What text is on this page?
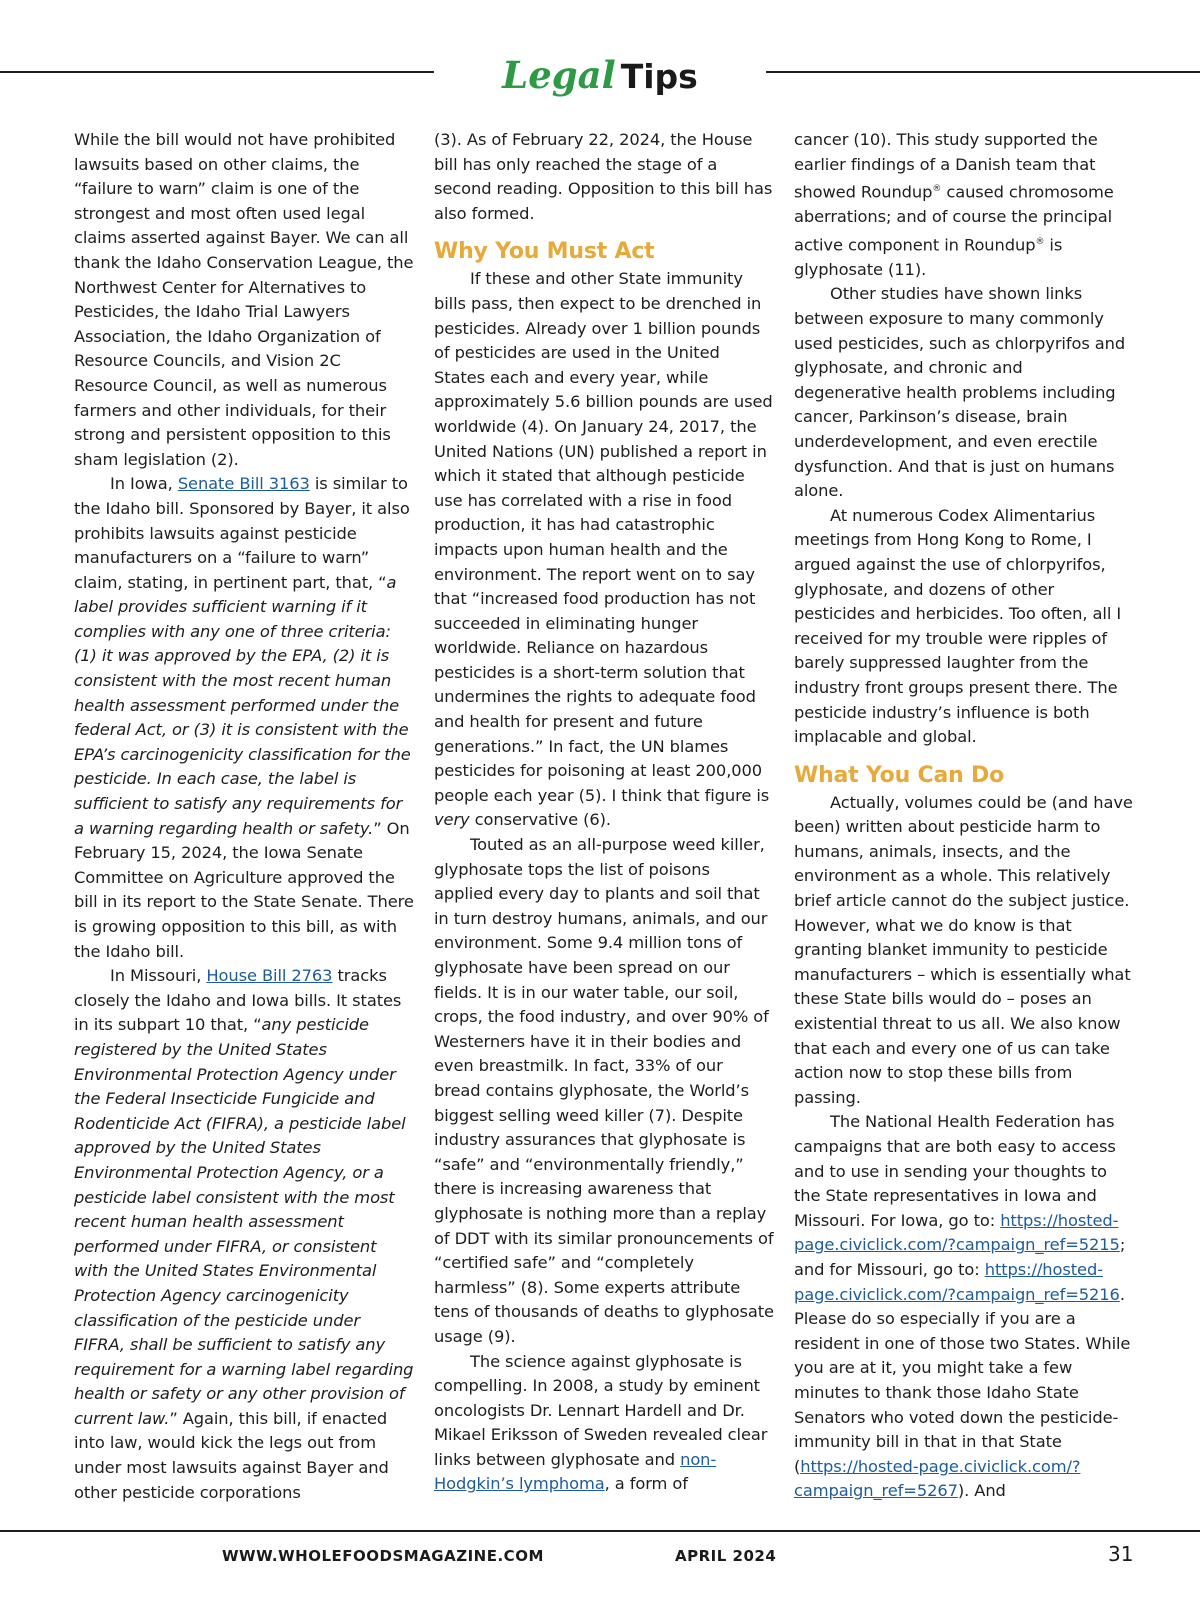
Legal Tips

While the bill would not have prohibited lawsuits based on other claims, the “failure to warn” claim is one of the strongest and most often used legal claims asserted against Bayer. We can all thank the Idaho Conservation League, the Northwest Center for Alternatives to Pesticides, the Idaho Trial Lawyers Association, the Idaho Organization of Resource Councils, and Vision 2C Resource Council, as well as numerous farmers and other individuals, for their strong and persistent opposition to this sham legislation (2).

In Iowa, Senate Bill 3163 is similar to the Idaho bill. Sponsored by Bayer, it also prohibits lawsuits against pesticide manufacturers on a “failure to warn” claim, stating, in pertinent part, that, “a label provides sufficient warning if it complies with any one of three criteria: (1) it was approved by the EPA, (2) it is consistent with the most recent human health assessment performed under the federal Act, or (3) it is consistent with the EPA’s carcinogenicity classification for the pesticide. In each case, the label is sufficient to satisfy any requirements for a warning regarding health or safety.” On February 15, 2024, the Iowa Senate Committee on Agriculture approved the bill in its report to the State Senate. There is growing opposition to this bill, as with the Idaho bill.

In Missouri, House Bill 2763 tracks closely the Idaho and Iowa bills. It states in its subpart 10 that, “any pesticide registered by the United States Environmental Protection Agency under the Federal Insecticide Fungicide and Rodenticide Act (FIFRA), a pesticide label approved by the United States Environmental Protection Agency, or a pesticide label consistent with the most recent human health assessment performed under FIFRA, or consistent with the United States Environmental Protection Agency carcinogenicity classification of the pesticide under FIFRA, shall be sufficient to satisfy any requirement for a warning label regarding health or safety or any other provision of current law.” Again, this bill, if enacted into law, would kick the legs out from under most lawsuits against Bayer and other pesticide corporations

(3). As of February 22, 2024, the House bill has only reached the stage of a second reading. Opposition to this bill has also formed.

Why You Must Act

If these and other State immunity bills pass, then expect to be drenched in pesticides. Already over 1 billion pounds of pesticides are used in the United States each and every year, while approximately 5.6 billion pounds are used worldwide (4). On January 24, 2017, the United Nations (UN) published a report in which it stated that although pesticide use has correlated with a rise in food production, it has had catastrophic impacts upon human health and the environment. The report went on to say that “increased food production has not succeeded in eliminating hunger worldwide. Reliance on hazardous pesticides is a short-term solution that undermines the rights to adequate food and health for present and future generations.” In fact, the UN blames pesticides for poisoning at least 200,000 people each year (5). I think that figure is very conservative (6).

Touted as an all-purpose weed killer, glyphosate tops the list of poisons applied every day to plants and soil that in turn destroy humans, animals, and our environment. Some 9.4 million tons of glyphosate have been spread on our fields. It is in our water table, our soil, crops, the food industry, and over 90% of Westerners have it in their bodies and even breastmilk. In fact, 33% of our bread contains glyphosate, the World’s biggest selling weed killer (7). Despite industry assurances that glyphosate is “safe” and “environmentally friendly,” there is increasing awareness that glyphosate is nothing more than a replay of DDT with its similar pronouncements of “certified safe” and “completely harmless” (8). Some experts attribute tens of thousands of deaths to glyphosate usage (9).

The science against glyphosate is compelling. In 2008, a study by eminent oncologists Dr. Lennart Hardell and Dr. Mikael Eriksson of Sweden revealed clear links between glyphosate and non-Hodgkin’s lymphoma, a form of

cancer (10). This study supported the earlier findings of a Danish team that showed Roundup® caused chromosome aberrations; and of course the principal active component in Roundup® is glyphosate (11).

Other studies have shown links between exposure to many commonly used pesticides, such as chlorpyrifos and glyphosate, and chronic and degenerative health problems including cancer, Parkinson’s disease, brain underdevelopment, and even erectile dysfunction. And that is just on humans alone.

At numerous Codex Alimentarius meetings from Hong Kong to Rome, I argued against the use of chlorpyrifos, glyphosate, and dozens of other pesticides and herbicides. Too often, all I received for my trouble were ripples of barely suppressed laughter from the industry front groups present there. The pesticide industry’s influence is both implacable and global.

What You Can Do

Actually, volumes could be (and have been) written about pesticide harm to humans, animals, insects, and the environment as a whole. This relatively brief article cannot do the subject justice. However, what we do know is that granting blanket immunity to pesticide manufacturers – which is essentially what these State bills would do – poses an existential threat to us all. We also know that each and every one of us can take action now to stop these bills from passing.

The National Health Federation has campaigns that are both easy to access and to use in sending your thoughts to the State representatives in Iowa and Missouri. For Iowa, go to: https://hosted-page.civiclick.com/?campaign_ref=5215; and for Missouri, go to: https://hosted-page.civiclick.com/?campaign_ref=5216. Please do so especially if you are a resident in one of those two States. While you are at it, you might take a few minutes to thank those Idaho State Senators who voted down the pesticide-immunity bill in that in that State (https://hosted-page.civiclick.com/?campaign_ref=5267). And

WWW.WHOLEFOODSMAGAZINE.COM	APRIL 2024	31
